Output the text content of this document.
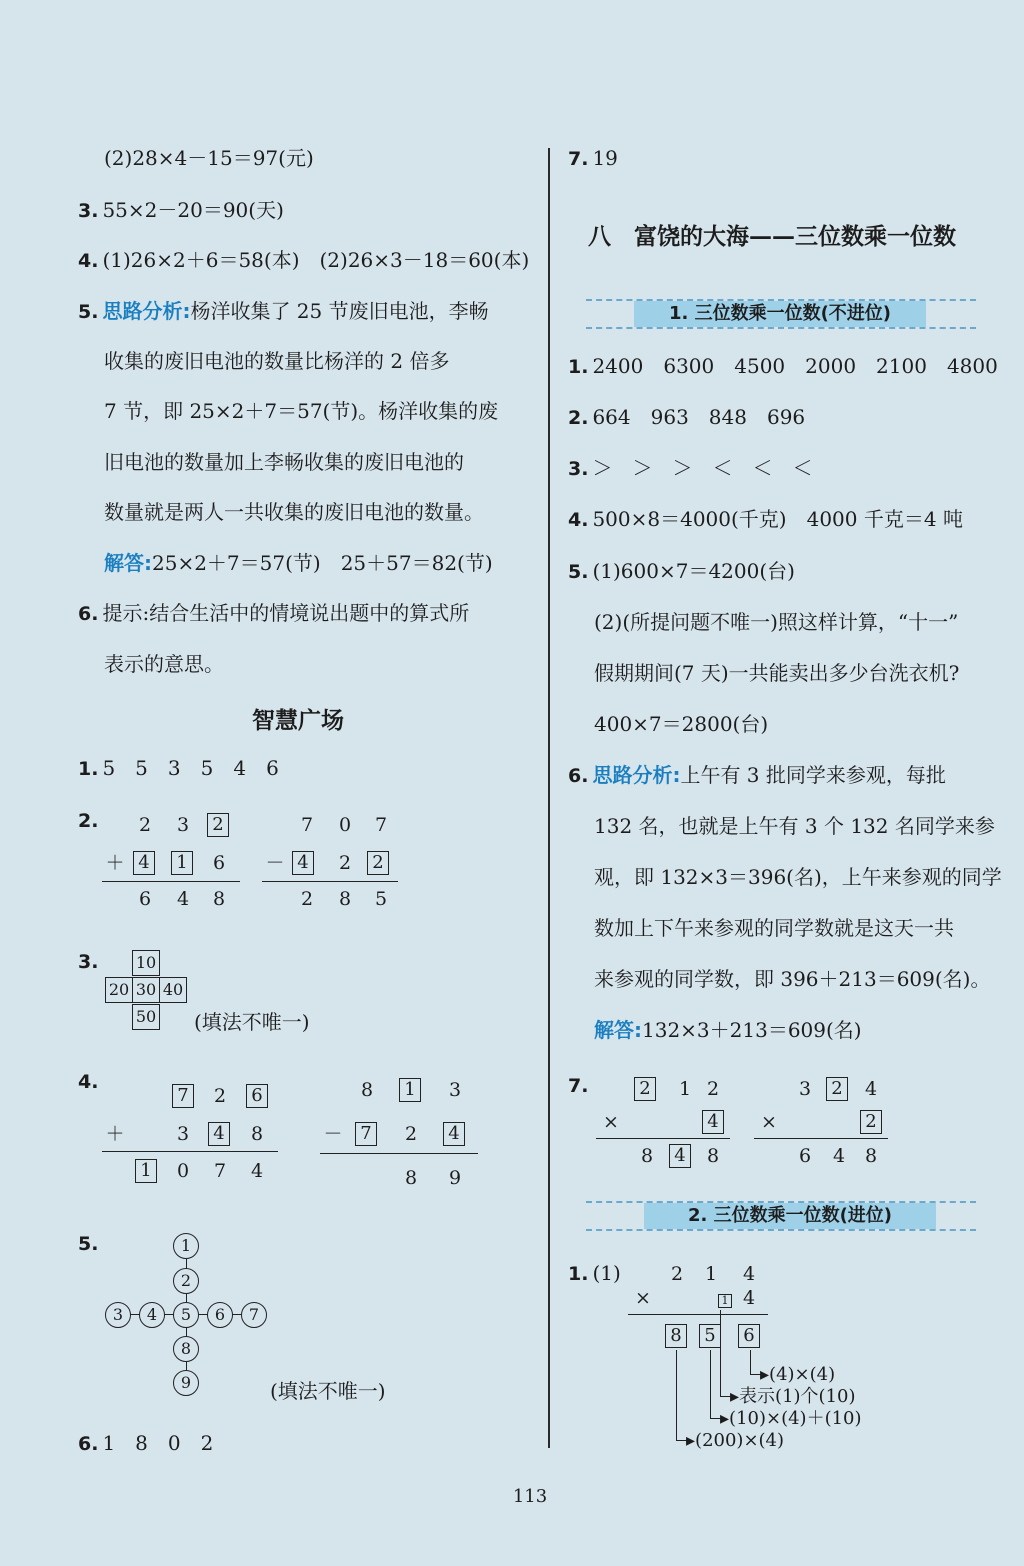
(2)28×4－15＝97(元)
3. 55×2－20＝90(天)
4. (1)26×2＋6＝58(本)　(2)26×3－18＝60(本)
5. 思路分析:杨洋收集了 25 节废旧电池，李畅
收集的废旧电池的数量比杨洋的 2 倍多
7 节，即 25×2＋7＝57(节)。杨洋收集的废
旧电池的数量加上李畅收集的废旧电池的
数量就是两人一共收集的废旧电池的数量。
解答:25×2＋7＝57(节)　25＋57＝82(节)
6. 提示:结合生活中的情境说出题中的算式所
表示的意思。
智慧广场
1. 5　5　3　5　4　6
2. 2 3 2
＋ 4 1 6
6 4 8
7 0 7
－ 4 2 2
2 8 5
3. 10
20 30 40
50 (填法不唯一)
4.
7 2 6
＋	3 4 8
1 0 7 4
8 1 3
－ 7 2 4
8 9
5.	1
2
3	4	5	6	7
8
9	(填法不唯一)
6. 1　8　0　2
7. 19
八　富饶的大海——三位数乘一位数
1. 三位数乘一位数(不进位)
1. 2400　6300　4500　2000　2100　4800
2. 664　963　848　696
3. ＞　＞　＞　＜　＜　＜
4. 500×8＝4000(千克)　4000 千克＝4 吨
5. (1)600×7＝4200(台)
(2)(所提问题不唯一)照这样计算，“十一”
假期期间(7 天)一共能卖出多少台洗衣机?
400×7＝2800(台)
6. 思路分析:上午有 3 批同学来参观，每批
132 名，也就是上午有 3 个 132 名同学来参
观，即 132×3＝396(名)，上午来参观的同学
数加上下午来参观的同学数就是这天一共
来参观的同学数，即 396＋213＝609(名)。
解答:132×3＋213＝609(名)
7.	2 1 2
×	4
8 4 8
3 2 4
×	2
6 4 8
2. 三位数乘一位数(进位)
1. (1)	2 1 4
×	1 4
8 5 6
▸(4)×(4)
▸表示(1)个(10)
▸(10)×(4)＋(10)
▸(200)×(4)
113
